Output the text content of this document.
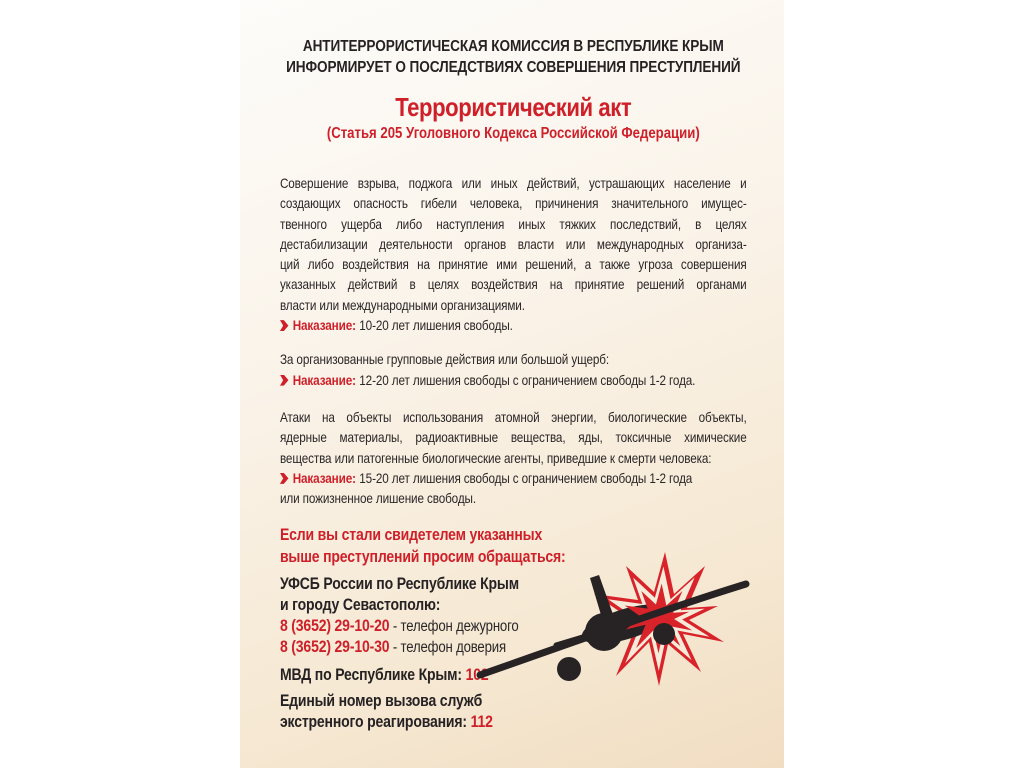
АНТИТЕРРОРИСТИЧЕСКАЯ КОМИССИЯ В РЕСПУБЛИКЕ КРЫМ
ИНФОРМИРУЕТ О ПОСЛЕДСТВИЯХ СОВЕРШЕНИЯ ПРЕСТУПЛЕНИЙ
Террористический акт
(Статья 205 Уголовного Кодекса Российской Федерации)
Совершение взрыва, поджога или иных действий, устрашающих население и
создающих опасность гибели человека, причинения значительного имущес-
твенного ущерба либо наступления иных тяжких последствий, в целях
дестабилизации деятельности органов власти или международных организа-
ций либо воздействия на принятие ими решений, а также угроза совершения
указанных действий в целях воздействия на принятие решений органами
власти или международными организациями.
Наказание: 10-20 лет лишения свободы.
За организованные групповые действия или большой ущерб:
Наказание: 12-20 лет лишения свободы с ограничением свободы 1-2 года.
Атаки на объекты использования атомной энергии, биологические объекты,
ядерные материалы, радиоактивные вещества, яды, токсичные химические
вещества или патогенные биологические агенты, приведшие к смерти человека:
Наказание: 15-20 лет лишения свободы с ограничением свободы 1-2 года
или пожизненное лишение свободы.
Если вы стали свидетелем указанных
выше преступлений просим обращаться:
УФСБ России по Республике Крым
и городу Севастополю:
8 (3652) 29-10-20 - телефон дежурного
8 (3652) 29-10-30 - телефон доверия
МВД по Республике Крым: 102
Единый номер вызова служб
экстренного реагирования: 112
